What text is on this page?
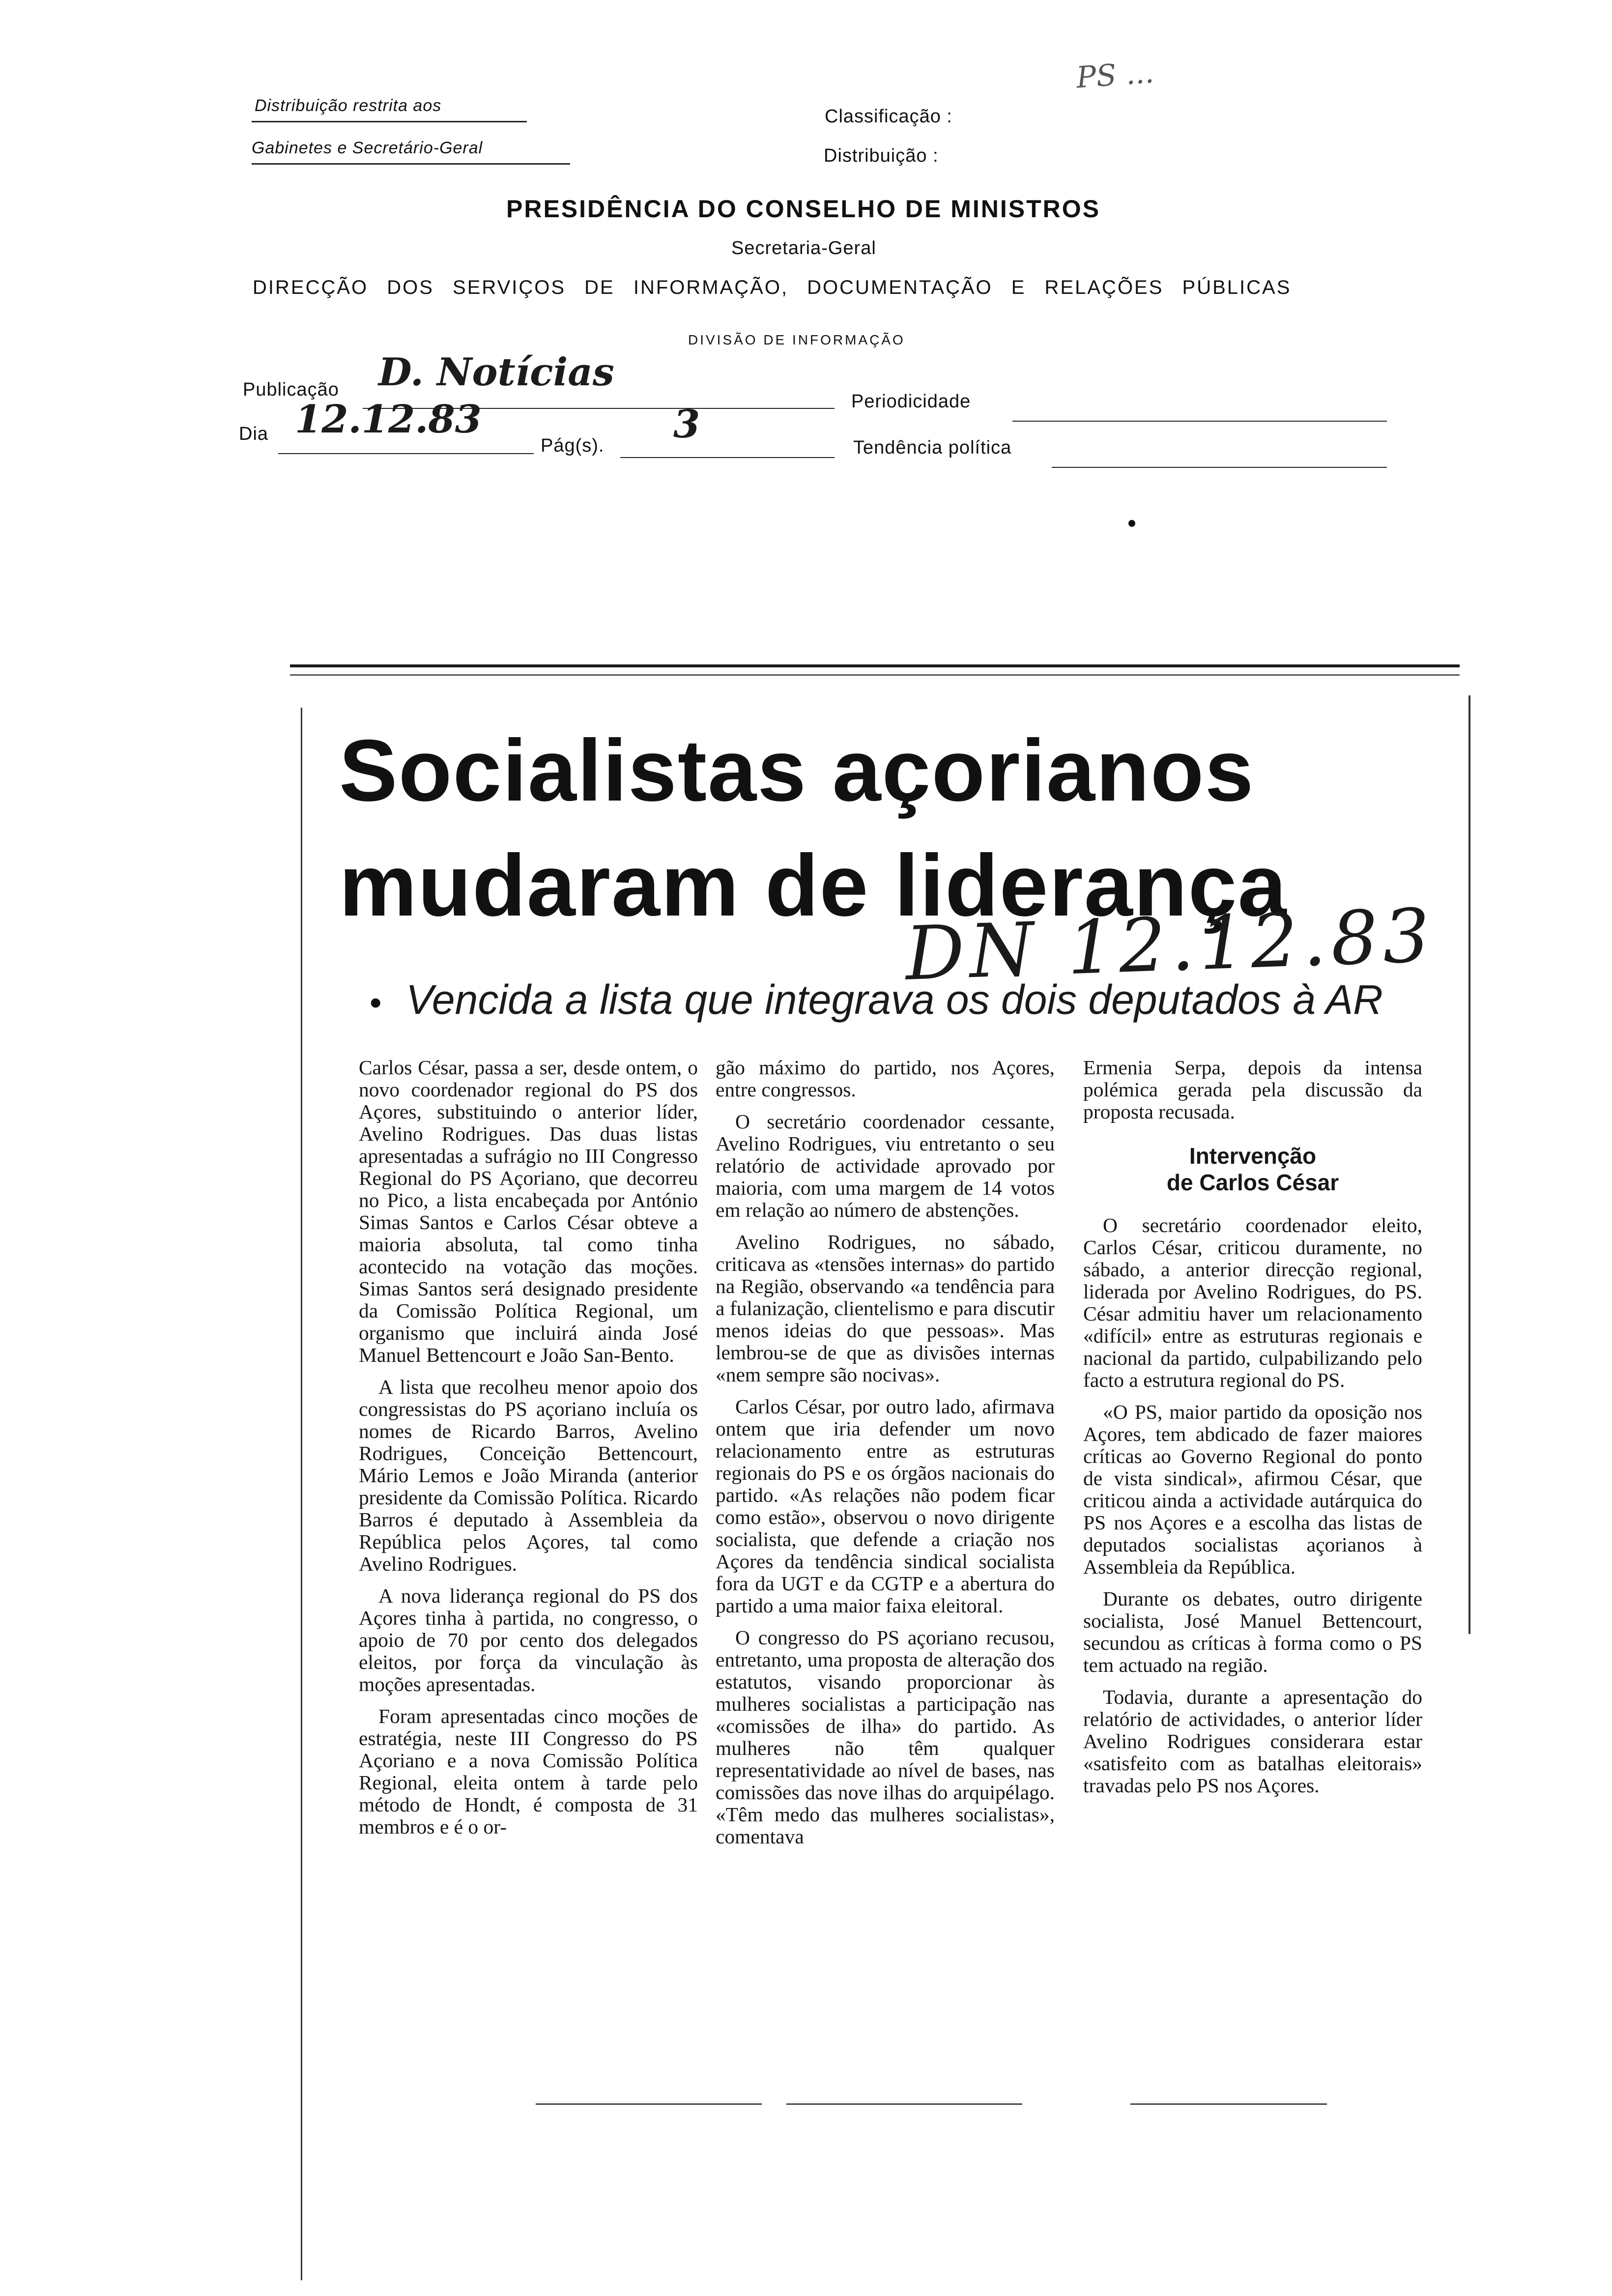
Distribuição restrita aos
Gabinetes e Secretário-Geral
Classificação :
Distribuição :
PS ...
PRESIDÊNCIA DO CONSELHO DE MINISTROS
Secretaria-Geral
DIRECÇÃO DOS SERVIÇOS DE INFORMAÇÃO, DOCUMENTAÇÃO E RELAÇÕES PÚBLICAS
DIVISÃO DE INFORMAÇÃO
Publicação D. Notícias
Periodicidade
Dia 12.12.83
Pág(s). 3
Tendência política
Socialistas açorianos
mudaram de liderança
DN 12.12.83
• Vencida a lista que integrava os dois deputados à AR

Carlos César, passa a ser, desde ontem, o novo coordenador regional do PS dos Açores, substituindo o anterior líder, Avelino Rodrigues. Das duas listas apresentadas a sufrágio no III Congresso Regional do PS Açoriano, que decorreu no Pico, a lista encabeçada por António Simas Santos e Carlos César obteve a maioria absoluta, tal como tinha acontecido na votação das moções. Simas Santos será designado presidente da Comissão Política Regional, um organismo que incluirá ainda José Manuel Bettencourt e João San-Bento.

A lista que recolheu menor apoio dos congressistas do PS açoriano incluía os nomes de Ricardo Barros, Avelino Rodrigues, Conceição Bettencourt, Mário Lemos e João Miranda (anterior presidente da Comissão Política. Ricardo Barros é deputado à Assembleia da República pelos Açores, tal como Avelino Rodrigues.

A nova liderança regional do PS dos Açores tinha à partida, no congresso, o apoio de 70 por cento dos delegados eleitos, por força da vinculação às moções apresentadas.

Foram apresentadas cinco moções de estratégia, neste III Congresso do PS Açoriano e a nova Comissão Política Regional, eleita ontem à tarde pelo método de Hondt, é composta de 31 membros e é o or-

gão máximo do partido, nos Açores, entre congressos.

O secretário coordenador cessante, Avelino Rodrigues, viu entretanto o seu relatório de actividade aprovado por maioria, com uma margem de 14 votos em relação ao número de abstenções.

Avelino Rodrigues, no sábado, criticava as «tensões internas» do partido na Região, observando «a tendência para a fulanização, clientelismo e para discutir menos ideias do que pessoas». Mas lembrou-se de que as divisões internas «nem sempre são nocivas».

Carlos César, por outro lado, afirmava ontem que iria defender um novo relacionamento entre as estruturas regionais do PS e os órgãos nacionais do partido. «As relações não podem ficar como estão», observou o novo dirigente socialista, que defende a criação nos Açores da tendência sindical socialista fora da UGT e da CGTP e a abertura do partido a uma maior faixa eleitoral.

O congresso do PS açoriano recusou, entretanto, uma proposta de alteração dos estatutos, visando proporcionar às mulheres socialistas a participação nas «comissões de ilha» do partido. As mulheres não têm qualquer representatividade ao nível de bases, nas comissões das nove ilhas do arquipélago. «Têm medo das mulheres socialistas», comentava

Ermenia Serpa, depois da intensa polémica gerada pela discussão da proposta recusada.

Intervenção
de Carlos César

O secretário coordenador eleito, Carlos César, criticou duramente, no sábado, a anterior direcção regional, liderada por Avelino Rodrigues, do PS. César admitiu haver um relacionamento «difícil» entre as estruturas regionais e nacional da partido, culpabilizando pelo facto a estrutura regional do PS.

«O PS, maior partido da oposição nos Açores, tem abdicado de fazer maiores críticas ao Governo Regional do ponto de vista sindical», afirmou César, que criticou ainda a actividade autárquica do PS nos Açores e a escolha das listas de deputados socialistas açorianos à Assembleia da República.

Durante os debates, outro dirigente socialista, José Manuel Bettencourt, secundou as críticas à forma como o PS tem actuado na região.

Todavia, durante a apresentação do relatório de actividades, o anterior líder Avelino Rodrigues considerara estar «satisfeito com as batalhas eleitorais» travadas pelo PS nos Açores.
